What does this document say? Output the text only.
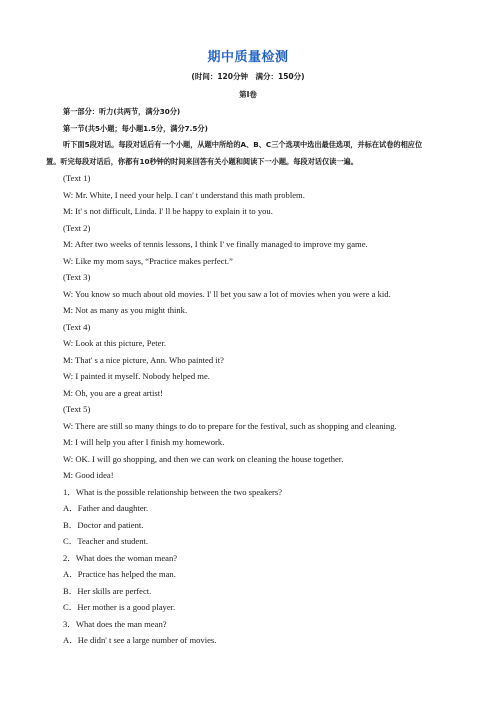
期中质量检测
(时间：120分钟　满分：150分)
第Ⅰ卷
第一部分：听力(共两节，满分30分)
第一节(共5小题；每小题1.5分，满分7.5分)
听下面5段对话。每段对话后有一个小题，从题中所给的A、B、C三个选项中选出最佳选项，并标在试卷的相应位置。听完每段对话后，你都有10秒钟的时间来回答有关小题和阅读下一小题。每段对话仅读一遍。
(Text 1)
W: Mr. White, I need your help. I can' t understand this math problem.
M: It' s not difficult, Linda. I' ll be happy to explain it to you.
(Text 2)
M: After two weeks of tennis lessons, I think I' ve finally managed to improve my game.
W: Like my mom says, “Practice makes perfect.”
(Text 3)
W: You know so much about old movies. I' ll bet you saw a lot of movies when you were a kid.
M: Not as many as you might think.
(Text 4)
W: Look at this picture, Peter.
M: That' s a nice picture, Ann. Who painted it?
W: I painted it myself. Nobody helped me.
M: Oh, you are a great artist!
(Text 5)
W: There are still so many things to do to prepare for the festival, such as shopping and cleaning.
M: I will help you after I finish my homework.
W: OK. I will go shopping, and then we can work on cleaning the house together.
M: Good idea!
1．What is the possible relationship between the two speakers?
A．Father and daughter.
B．Doctor and patient.
C．Teacher and student.
2．What does the woman mean?
A．Practice has helped the man.
B．Her skills are perfect.
C．Her mother is a good player.
3．What does the man mean?
A．He didn' t see a large number of movies.
